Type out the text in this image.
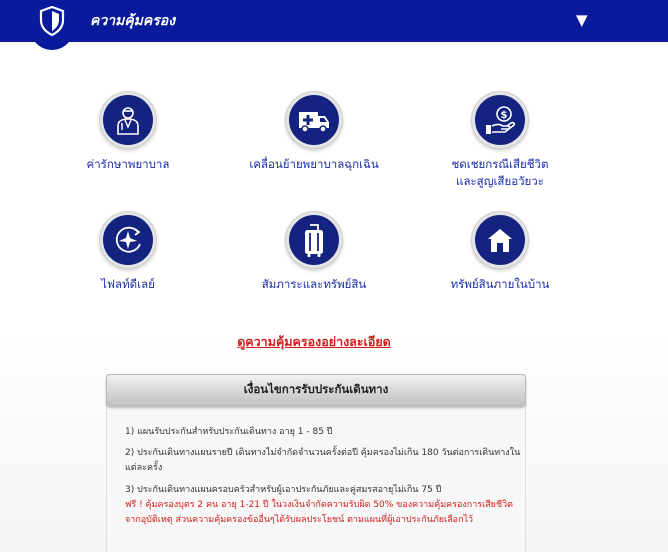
ความคุ้มครอง	▼
ค่ารักษาพยาบาล	เคลื่อนย้ายพยาบาลฉุกเฉิน
$
ชดเชยกรณีเสียชีวิต
และสูญเสียอวัยวะ
ไฟลท์ดีเลย์	สัมภาระและทรัพย์สิน	ทรัพย์สินภายในบ้าน
ดูความคุ้มครองอย่างละเอียด
เงื่อนไขการรับประกันเดินทาง
1) แผนรับประกันสำหรับประกันเดินทาง อายุ 1 - 85 ปี
2) ประกันเดินทางแผนรายปี เดินทางไม่จำกัดจำนวนครั้งต่อปี คุ้มครองไม่เกิน 180 วันต่อการเดินทางในแต่ละครั้ง
3) ประกันเดินทางแผนครอบครัวสำหรับผู้เอาประกันภัยและคู่สมรสอายุไม่เกิน 75 ปี
ฟรี ! คุ้มครองบุตร 2 คน อายุ 1-21 ปี ในวงเงินจำกัดความรับผิด 50% ของความคุ้มครองการเสียชีวิตจากอุบัติเหตุ ส่วนความคุ้มครองข้ออื่นๆได้รับผลประโยชน์ ตามแผนที่ผู้เอาประกันภัยเลือกไว้
